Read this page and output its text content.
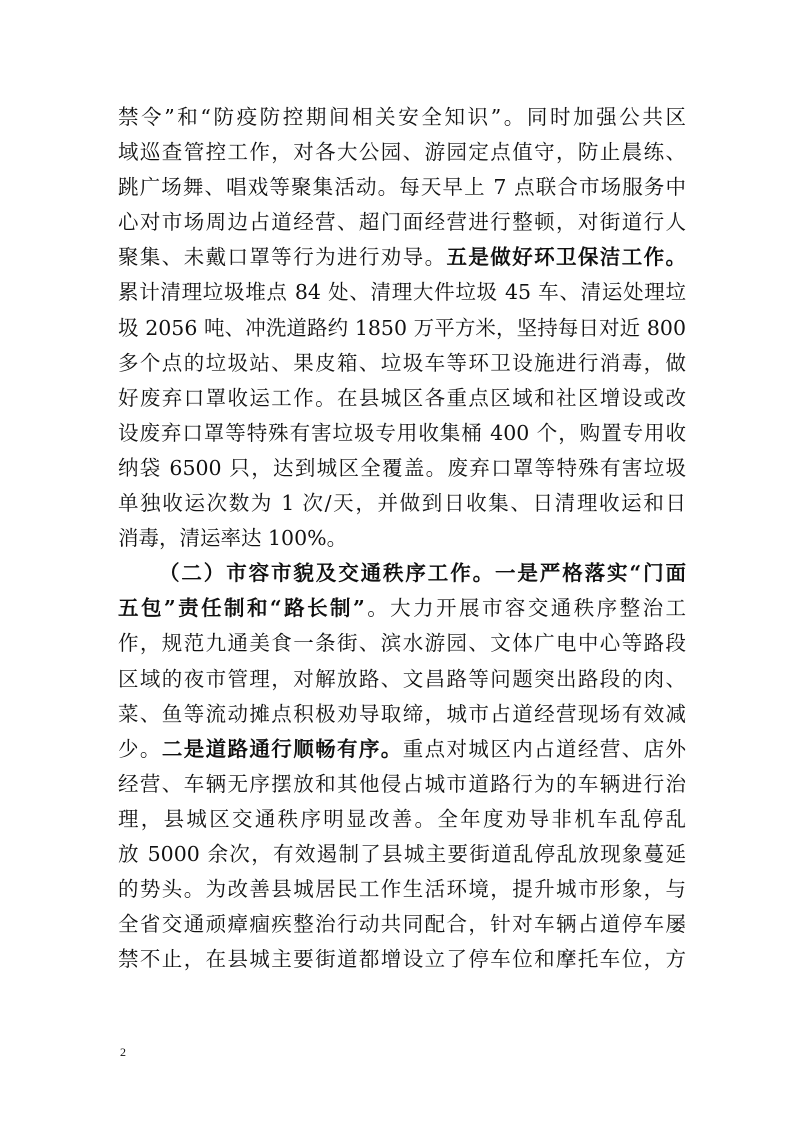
禁令”和“防疫防控期间相关安全知识”。同时加强公共区
域巡查管控工作，对各大公园、游园定点值守，防止晨练、
跳广场舞、唱戏等聚集活动。每天早上 7 点联合市场服务中
心对市场周边占道经营、超门面经营进行整顿，对街道行人
聚集、未戴口罩等行为进行劝导。五是做好环卫保洁工作。
累计清理垃圾堆点 84 处、清理大件垃圾 45 车、清运处理垃
圾 2056 吨、冲洗道路约 1850 万平方米，坚持每日对近 800
多个点的垃圾站、果皮箱、垃圾车等环卫设施进行消毒，做
好废弃口罩收运工作。在县城区各重点区域和社区增设或改
设废弃口罩等特殊有害垃圾专用收集桶 400 个，购置专用收
纳袋 6500 只，达到城区全覆盖。废弃口罩等特殊有害垃圾
单独收运次数为 1 次/天，并做到日收集、日清理收运和日
消毒，清运率达 100%。
（二）市容市貌及交通秩序工作。一是严格落实“门面
五包”责任制和“路长制”。大力开展市容交通秩序整治工
作，规范九通美食一条街、滨水游园、文体广电中心等路段
区域的夜市管理，对解放路、文昌路等问题突出路段的肉、
菜、鱼等流动摊点积极劝导取缔，城市占道经营现场有效减
少。二是道路通行顺畅有序。重点对城区内占道经营、店外
经营、车辆无序摆放和其他侵占城市道路行为的车辆进行治
理，县城区交通秩序明显改善。全年度劝导非机车乱停乱
放 5000 余次，有效遏制了县城主要街道乱停乱放现象蔓延
的势头。为改善县城居民工作生活环境，提升城市形象，与
全省交通顽瘴痼疾整治行动共同配合，针对车辆占道停车屡
禁不止，在县城主要街道都增设立了停车位和摩托车位，方
2
